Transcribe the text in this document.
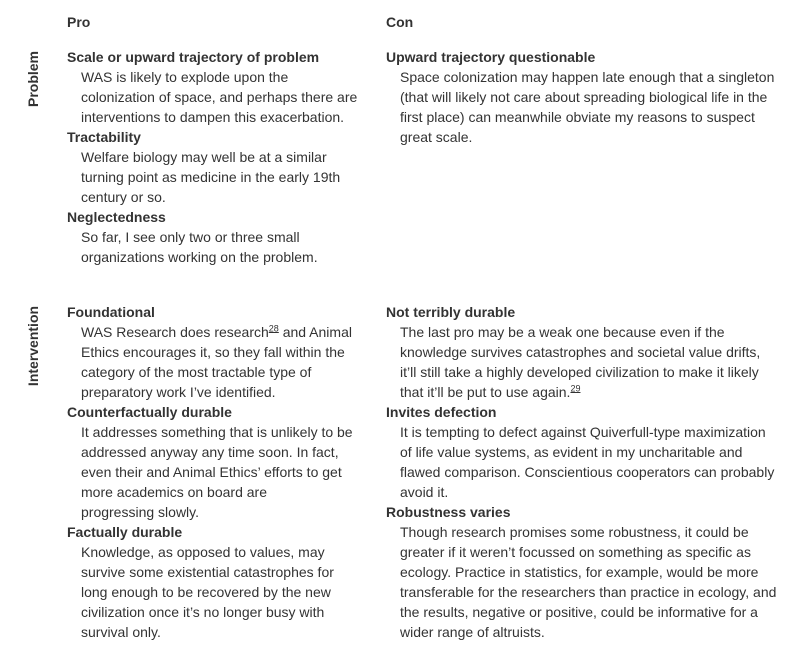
Pro	Con
Problem
Intervention
Scale or upward trajectory of problem
WAS is likely to explode upon the
colonization of space, and perhaps there are
interventions to dampen this exacerbation.
Tractability
Welfare biology may well be at a similar
turning point as medicine in the early 19th
century or so.
Neglectedness
So far, I see only two or three small
organizations working on the problem.
Upward trajectory questionable
Space colonization may happen late enough that a singleton
(that will likely not care about spreading biological life in the
first place) can meanwhile obviate my reasons to suspect
great scale.
Foundational
WAS Research does research$^{28}$ and Animal
Ethics encourages it, so they fall within the
category of the most tractable type of
preparatory work I’ve identified.
Counterfactually durable
It addresses something that is unlikely to be
addressed anyway any time soon. In fact,
even their and Animal Ethics’ efforts to get
more academics on board are
progressing slowly.
Factually durable
Knowledge, as opposed to values, may
survive some existential catastrophes for
long enough to be recovered by the new
civilization once it’s no longer busy with
survival only.
Not terribly durable
The last pro may be a weak one because even if the
knowledge survives catastrophes and societal value drifts,
it’ll still take a highly developed civilization to make it likely
that it’ll be put to use again.$^{29}$
Invites defection
It is tempting to defect against Quiverfull-type maximization
of life value systems, as evident in my uncharitable and
flawed comparison. Conscientious cooperators can probably
avoid it.
Robustness varies
Though research promises some robustness, it could be
greater if it weren’t focussed on something as specific as
ecology. Practice in statistics, for example, would be more
transferable for the researchers than practice in ecology, and
the results, negative or positive, could be informative for a
wider range of altruists.
